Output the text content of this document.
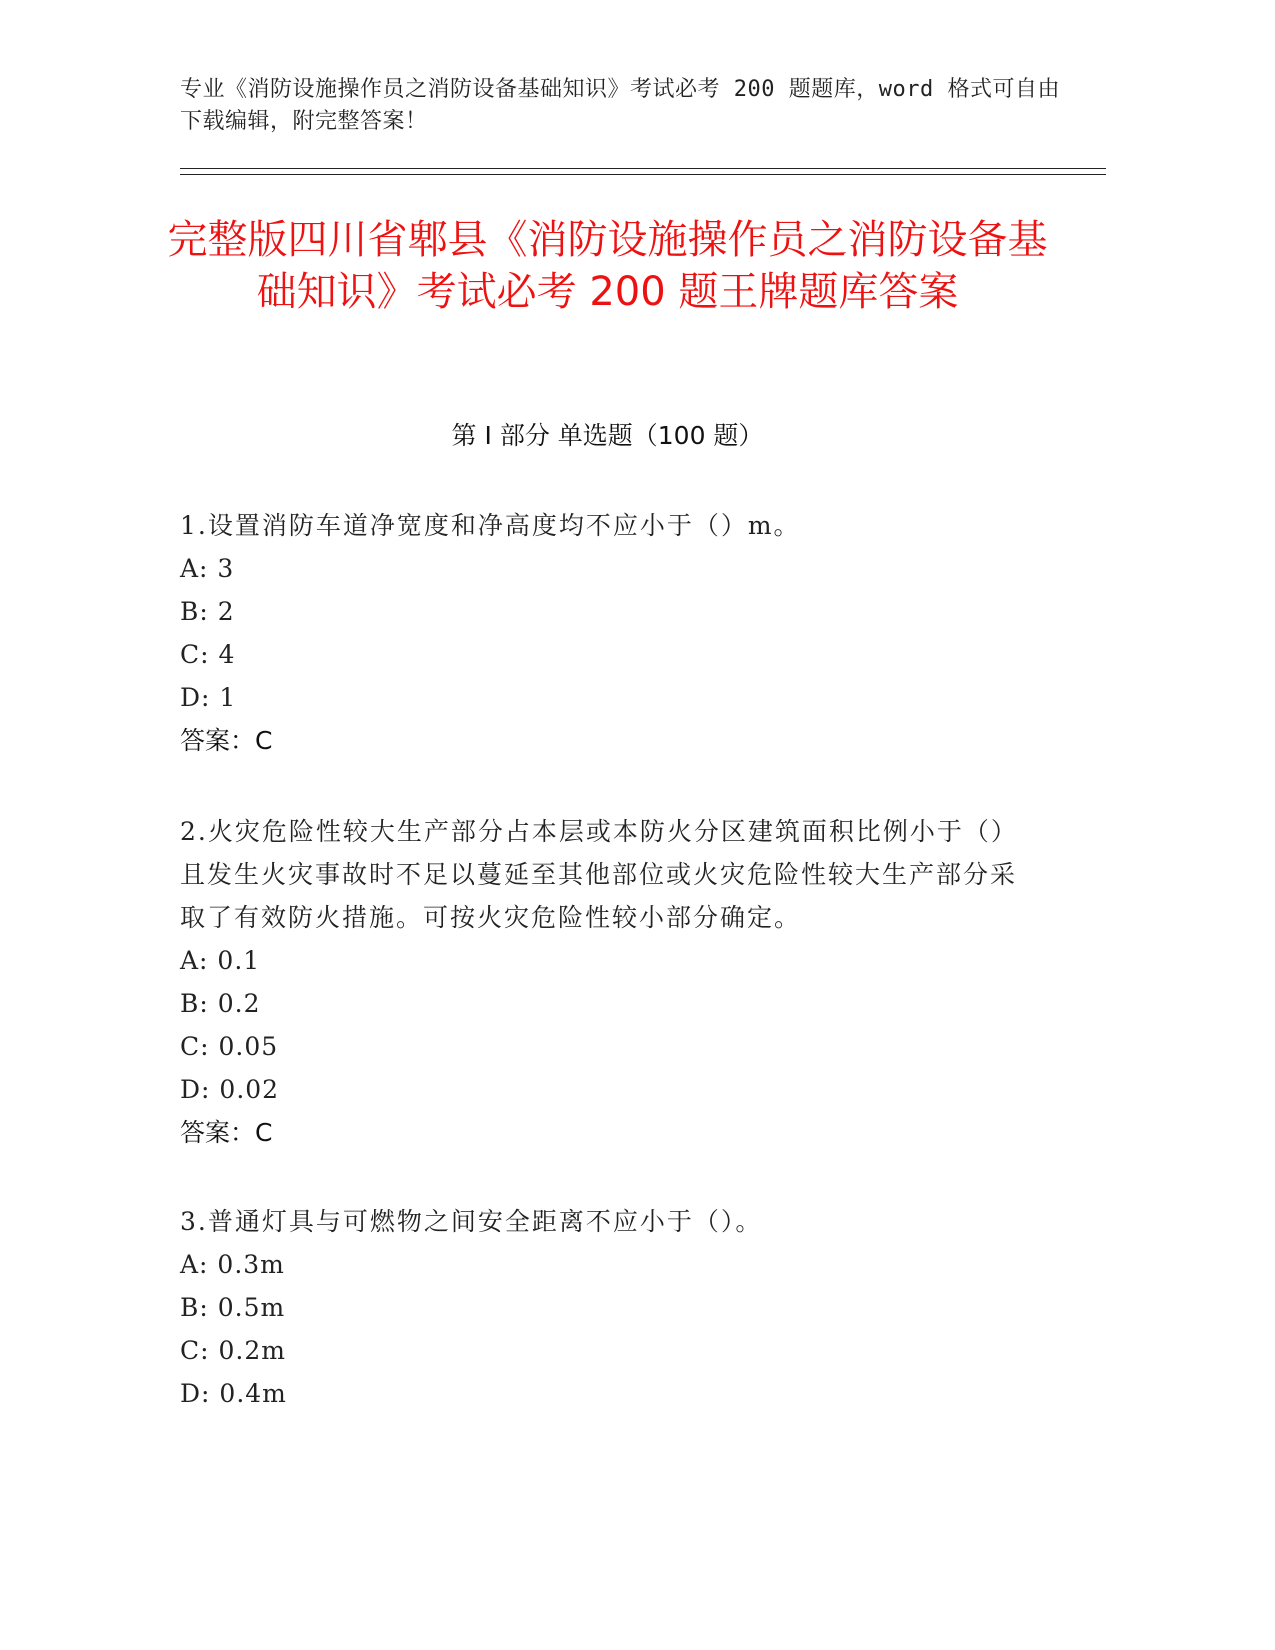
专业《消防设施操作员之消防设备基础知识》考试必考 200 题题库，word 格式可自由下载编辑，附完整答案！
完整版四川省郫县《消防设施操作员之消防设备基础知识》考试必考 200 题王牌题库答案
第 I 部分 单选题（100 题）
1.设置消防车道净宽度和净高度均不应小于（）m。
A: 3
B: 2
C: 4
D: 1
答案：C
2.火灾危险性较大生产部分占本层或本防火分区建筑面积比例小于（）且发生火灾事故时不足以蔓延至其他部位或火灾危险性较大生产部分采取了有效防火措施。可按火灾危险性较小部分确定。
A: 0.1
B: 0.2
C: 0.05
D: 0.02
答案：C
3.普通灯具与可燃物之间安全距离不应小于（）。
A: 0.3m
B: 0.5m
C: 0.2m
D: 0.4m
